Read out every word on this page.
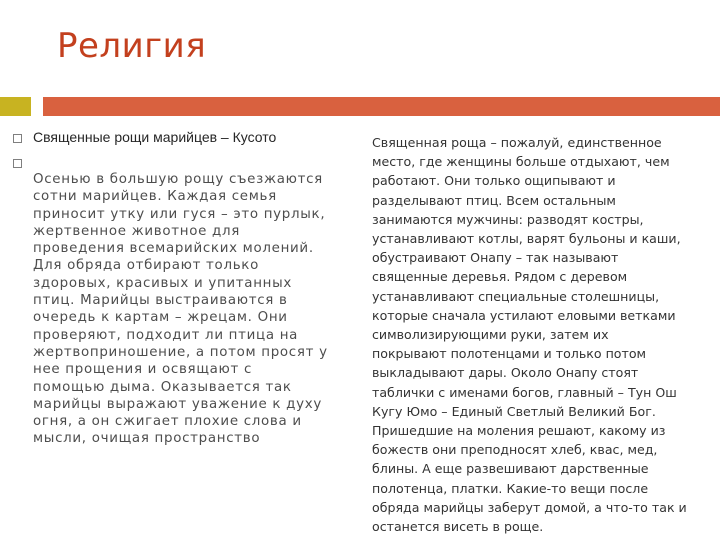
Религия
Священные рощи марийцев – Кусото
Осенью в большую рощу съезжаются
сотни марийцев. Каждая семья
приносит утку или гуся – это пурлык,
жертвенное животное для
проведения всемарийских молений.
Для обряда отбирают только
здоровых, красивых и упитанных
птиц. Марийцы выстраиваются в
очередь к картам – жрецам. Они
проверяют, подходит ли птица на
жертвоприношение, а потом просят у
нее прощения и освящают с
помощью дыма. Оказывается так
марийцы выражают уважение к духу
огня, а он сжигает плохие слова и
мысли, очищая пространство
Священная роща – пожалуй, единственное
место, где женщины больше отдыхают, чем
работают. Они только ощипывают и
разделывают птиц. Всем остальным
занимаются мужчины: разводят костры,
устанавливают котлы, варят бульоны и каши,
обустраивают Онапу – так называют
священные деревья. Рядом с деревом
устанавливают специальные столешницы,
которые сначала устилают еловыми ветками
символизирующими руки, затем их
покрывают полотенцами и только потом
выкладывают дары. Около Онапу стоят
таблички с именами богов, главный – Тун Ош
Кугу Юмо – Единый Светлый Великий Бог.
Пришедшие на моления решают, какому из
божеств они преподносят хлеб, квас, мед,
блины. А еще развешивают дарственные
полотенца, платки. Какие-то вещи после
обряда марийцы заберут домой, а что-то так и
останется висеть в роще.
